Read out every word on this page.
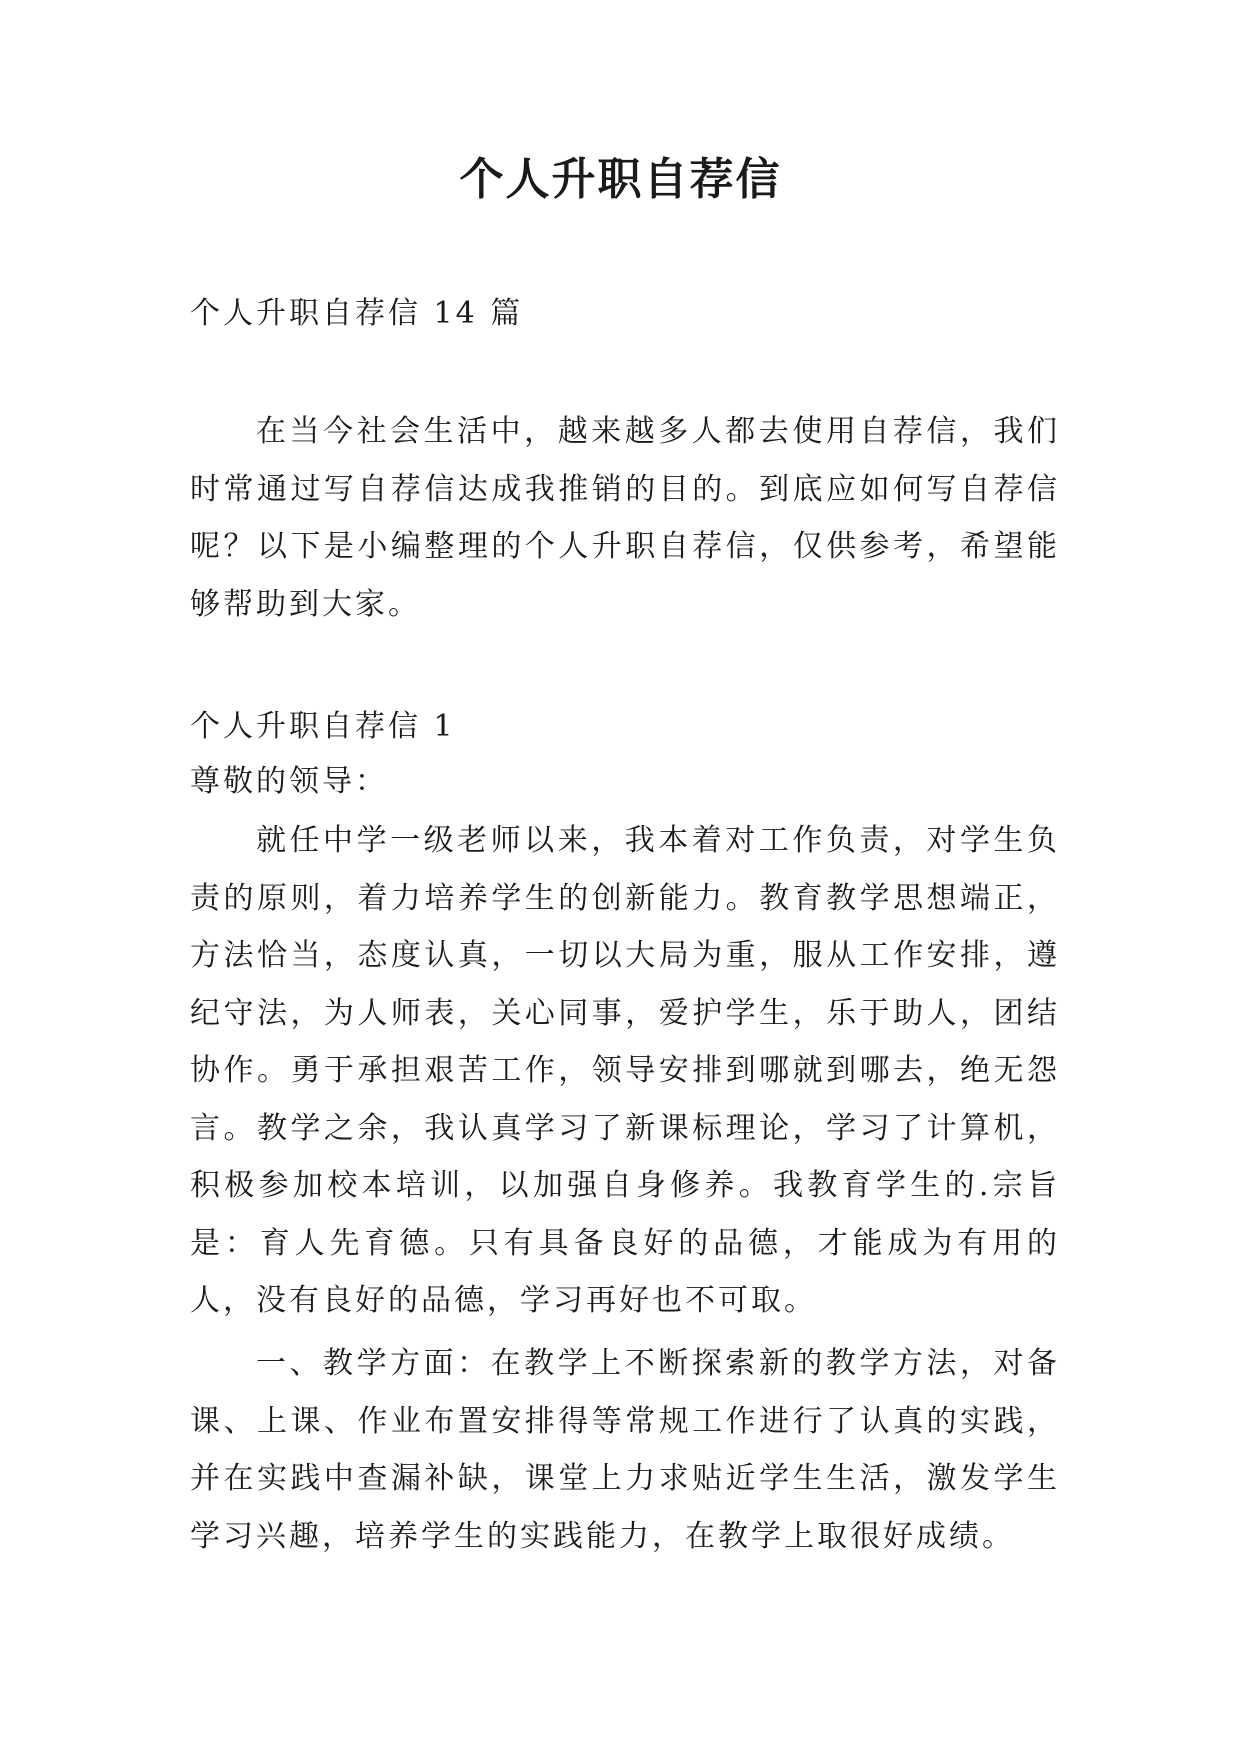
个人升职自荐信
个人升职自荐信 14 篇

在当今社会生活中，越来越多人都去使用自荐信，我们时常通过写自荐信达成我推销的目的。到底应如何写自荐信呢？以下是小编整理的个人升职自荐信，仅供参考，希望能够帮助到大家。

个人升职自荐信 1
尊敬的领导：

就任中学一级老师以来，我本着对工作负责，对学生负责的原则，着力培养学生的创新能力。教育教学思想端正，方法恰当，态度认真，一切以大局为重，服从工作安排，遵纪守法，为人师表，关心同事，爱护学生，乐于助人，团结协作。勇于承担艰苦工作，领导安排到哪就到哪去，绝无怨言。教学之余，我认真学习了新课标理论，学习了计算机，积极参加校本培训，以加强自身修养。我教育学生的.宗旨是：育人先育德。只有具备良好的品德，才能成为有用的人，没有良好的品德，学习再好也不可取。

一、教学方面：在教学上不断探索新的教学方法，对备课、上课、作业布置安排得等常规工作进行了认真的实践，并在实践中查漏补缺，课堂上力求贴近学生生活，激发学生学习兴趣，培养学生的实践能力，在教学上取很好成绩。
